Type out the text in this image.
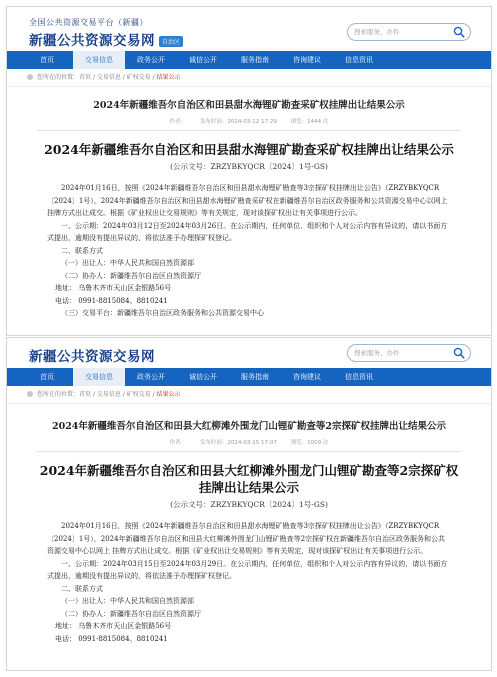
全国公共资源交易平台（新疆）
新疆公共资源交易网 自治区
搜索服务、办件
首页	交易信息	政务公开	诚信公开	服务指南	咨询建议	信息资讯
您所在的位置：首页 / 交易信息 / 矿权交易 / 结果公示
2024年新疆维吾尔自治区和田县甜水海锂矿勘查采矿权挂牌出让结果公示
作者：	发布时间：2024-03-12 17:29	浏览：1444 次
2024年新疆维吾尔自治区和田县甜水海锂矿勘查采矿权挂牌出让结果公示
(公示文号：ZRZYBKYQCR〔2024〕1号-GS)

2024年01月16日，按照《2024年新疆维吾尔自治区和田县甜水海锂矿勘查等3宗探矿权挂牌出让公告》（ZRZYBKYQCR〔2024〕1号），2024年新疆维吾尔自治区和田县甜水海锂矿勘查采矿权在新疆维吾尔自治区政务服务和公共资源交易中心以网上 挂牌方式出让成交。根据《矿业权出让交易规则》等有关规定，现对该探矿权出让有关事项进行公示。

一、公示期：2024年03月12日至2024年03月26日。在公示期内，任何单位、组织和个人对公示内容有异议的，请以书面方式提出，逾期没有提出异议的，将依法准予办理探矿权登记。

二、联系方式

（一）出让人：中华人民共和国自然资源部

（二）协办人：新疆维吾尔自治区自然资源厅

地址： 乌鲁木齐市天山区金银路56号

电话： 0991-8815084、8810241

（三）交易平台：新疆维吾尔自治区政务服务和公共资源交易中心

新疆公共资源交易网
搜索服务、办件
首页	交易信息	政务公开	诚信公开	服务指南	咨询建议	信息资讯
您所在的位置：首页 / 交易信息 / 矿权交易 / 结果公示
2024年新疆维吾尔自治区和田县大红柳滩外围龙门山锂矿勘查等2宗探矿权挂牌出让结果公示
作者：	发布时间：2024-03-15 17:07	浏览：1009 次
2024年新疆维吾尔自治区和田县大红柳滩外围龙门山锂矿勘查等2宗探矿权挂牌出让结果公示
(公示文号：ZRZYBKYQCR〔2024〕1号-GS)

2024年01月16日，按照《2024年新疆维吾尔自治区和田县甜水海锂矿勘查等3宗探矿权挂牌出让公告》（ZRZYBKYQCR〔2024〕1号），2024年新疆维吾尔自治区和田县大红柳滩外围龙门山锂矿勘查等2宗探矿权在新疆维吾尔自治区政务服务和公共资源交易中心以网上 挂牌方式出让成交。根据《矿业权出让交易规则》等有关规定，现对该探矿权出让有关事项进行公示。

一、公示期：2024年03月15日至2024年03月29日。在公示期内，任何单位，组织和个人对公示内容有异议的，请以书面方式提出，逾期没有提出异议的，将依法准予办理探矿权登记。

二、联系方式

（一）出让人：中华人民共和国自然资源部

（二）协办人：新疆维吾尔自治区自然资源厅

地址： 乌鲁木齐市天山区金银路56号

电话： 0991-8815084、8810241
